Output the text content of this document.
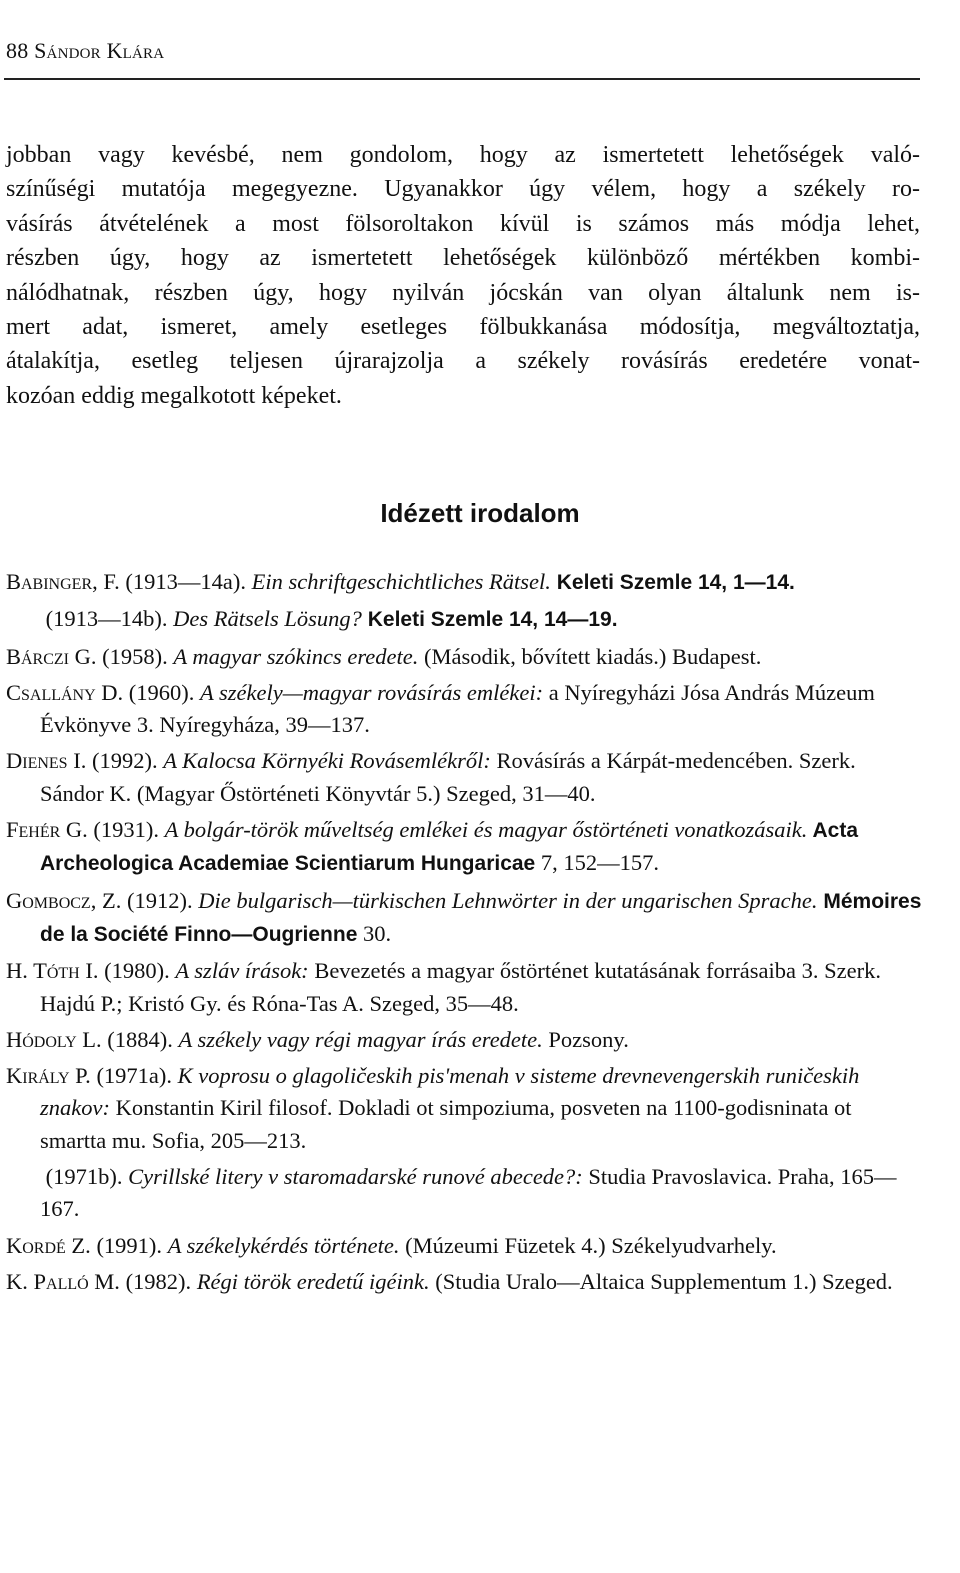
88 Sándor Klára
jobban vagy kevésbé, nem gondolom, hogy az ismertetett lehetőségek való-
színűségi mutatója megegyezne. Ugyanakkor úgy vélem, hogy a székely ro-
vásírás átvételének a most fölsoroltakon kívül is számos más módja lehet,
részben úgy, hogy az ismertetett lehetőségek különböző mértékben kombi-
nálódhatnak, részben úgy, hogy nyilván jócskán van olyan általunk nem is-
mert adat, ismeret, amely esetleges fölbukkanása módosítja, megváltoztatja,
átalakítja, esetleg teljesen újrarajzolja a székely rovásírás eredetére vonat-
kozóan eddig megalkotott képeket.
Idézett irodalom

Babinger, F. (1913—14a). Ein schriftgeschichtliches Rätsel. Keleti Szemle 14, 1—14.

(1913—14b). Des Rätsels Lösung? Keleti Szemle 14, 14—19.

Bárczi G. (1958). A magyar szókincs eredete. (Második, bővített kiadás.) Budapest.

Csallány D. (1960). A székely—magyar rovásírás emlékei: a Nyíregyházi Jósa András Múzeum Évkönyve 3. Nyíregyháza, 39—137.

Dienes I. (1992). A Kalocsa Környéki Rovásemlékről: Rovásírás a Kárpát-medencében. Szerk. Sándor K. (Magyar Őstörténeti Könyvtár 5.) Szeged, 31—40.

Fehér G. (1931). A bolgár-török műveltség emlékei és magyar őstörténeti vonatkozásaik. Acta Archeologica Academiae Scientiarum Hungaricae 7, 152—157.

Gombocz, Z. (1912). Die bulgarisch—türkischen Lehnwörter in der ungarischen Sprache. Mémoires de la Société Finno—Ougrienne 30.

H. Tóth I. (1980). A szláv írások: Bevezetés a magyar őstörténet kutatásának forrásaiba 3. Szerk. Hajdú P.; Kristó Gy. és Róna-Tas A. Szeged, 35—48.

Hódoly L. (1884). A székely vagy régi magyar írás eredete. Pozsony.

Király P. (1971a). K voprosu o glagoličeskih pis'menah v sisteme drevnevengerskih runičeskih znakov: Konstantin Kiril filosof. Dokladi ot simpoziuma, posveten na 1100-godisninata ot smartta mu. Sofia, 205—213.

(1971b). Cyrillské litery v staromadarské runové abecede?: Studia Pravoslavica. Praha, 165—167.

Kordé Z. (1991). A székelykérdés története. (Múzeumi Füzetek 4.) Székelyudvarhely.

K. Palló M. (1982). Régi török eredetű igéink. (Studia Uralo—Altaica Supplementum 1.) Szeged.
